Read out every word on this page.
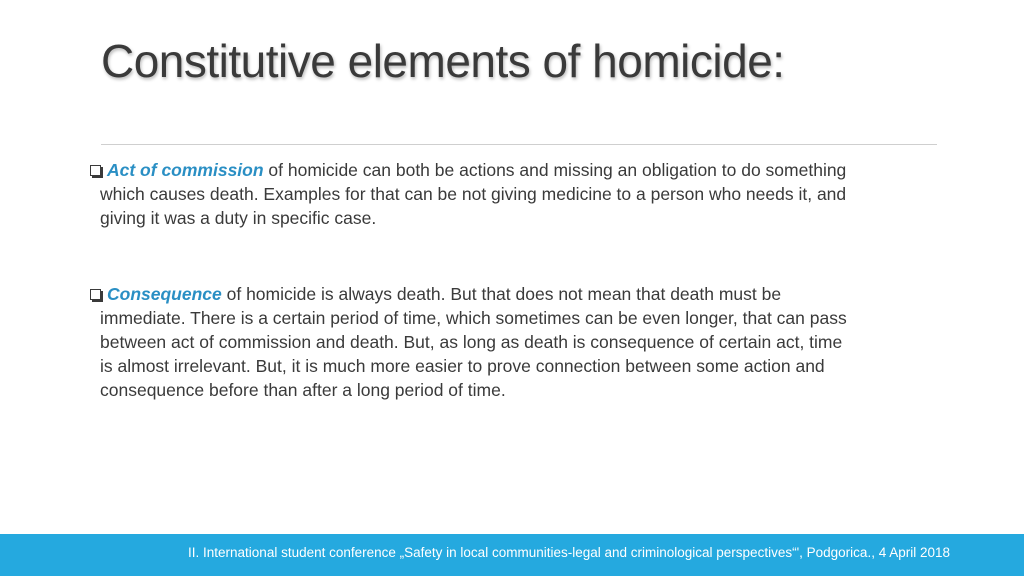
Constitutive elements of homicide:
Act of commission of homicide can both be actions and missing an obligation to do something
which causes death. Examples for that can be not giving medicine to a person who needs it, and
giving it was a duty in specific case.
Consequence of homicide is always death. But that does not mean that death must be
immediate. There is a certain period of time, which sometimes can be even longer, that can pass
between act of commission and death. But, as long as death is consequence of certain act, time
is almost irrelevant. But, it is much more easier to prove connection between some action and
consequence before than after a long period of time.
II. International student conference „Safety in local communities-legal and criminological perspectives“', Podgorica., 4 April 2018
